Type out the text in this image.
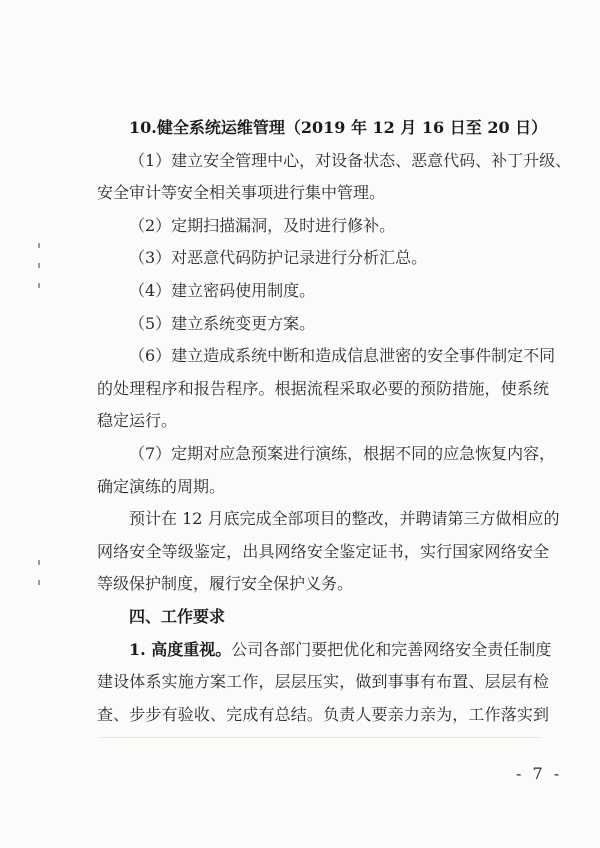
10.健全系统运维管理（2019 年 12 月 16 日至 20 日）
（1）建立安全管理中心，对设备状态、恶意代码、补丁升级、
安全审计等安全相关事项进行集中管理。
（2）定期扫描漏洞，及时进行修补。
（3）对恶意代码防护记录进行分析汇总。
（4）建立密码使用制度。
（5）建立系统变更方案。
（6）建立造成系统中断和造成信息泄密的安全事件制定不同
的处理程序和报告程序。根据流程采取必要的预防措施，使系统
稳定运行。
（7）定期对应急预案进行演练，根据不同的应急恢复内容，
确定演练的周期。
预计在 12 月底完成全部项目的整改，并聘请第三方做相应的
网络安全等级鉴定，出具网络安全鉴定证书，实行国家网络安全
等级保护制度，履行安全保护义务。
四、工作要求
1. 高度重视。公司各部门要把优化和完善网络安全责任制度
建设体系实施方案工作，层层压实，做到事事有布置、层层有检
查、步步有验收、完成有总结。负责人要亲力亲为，工作落实到
- 7 -
